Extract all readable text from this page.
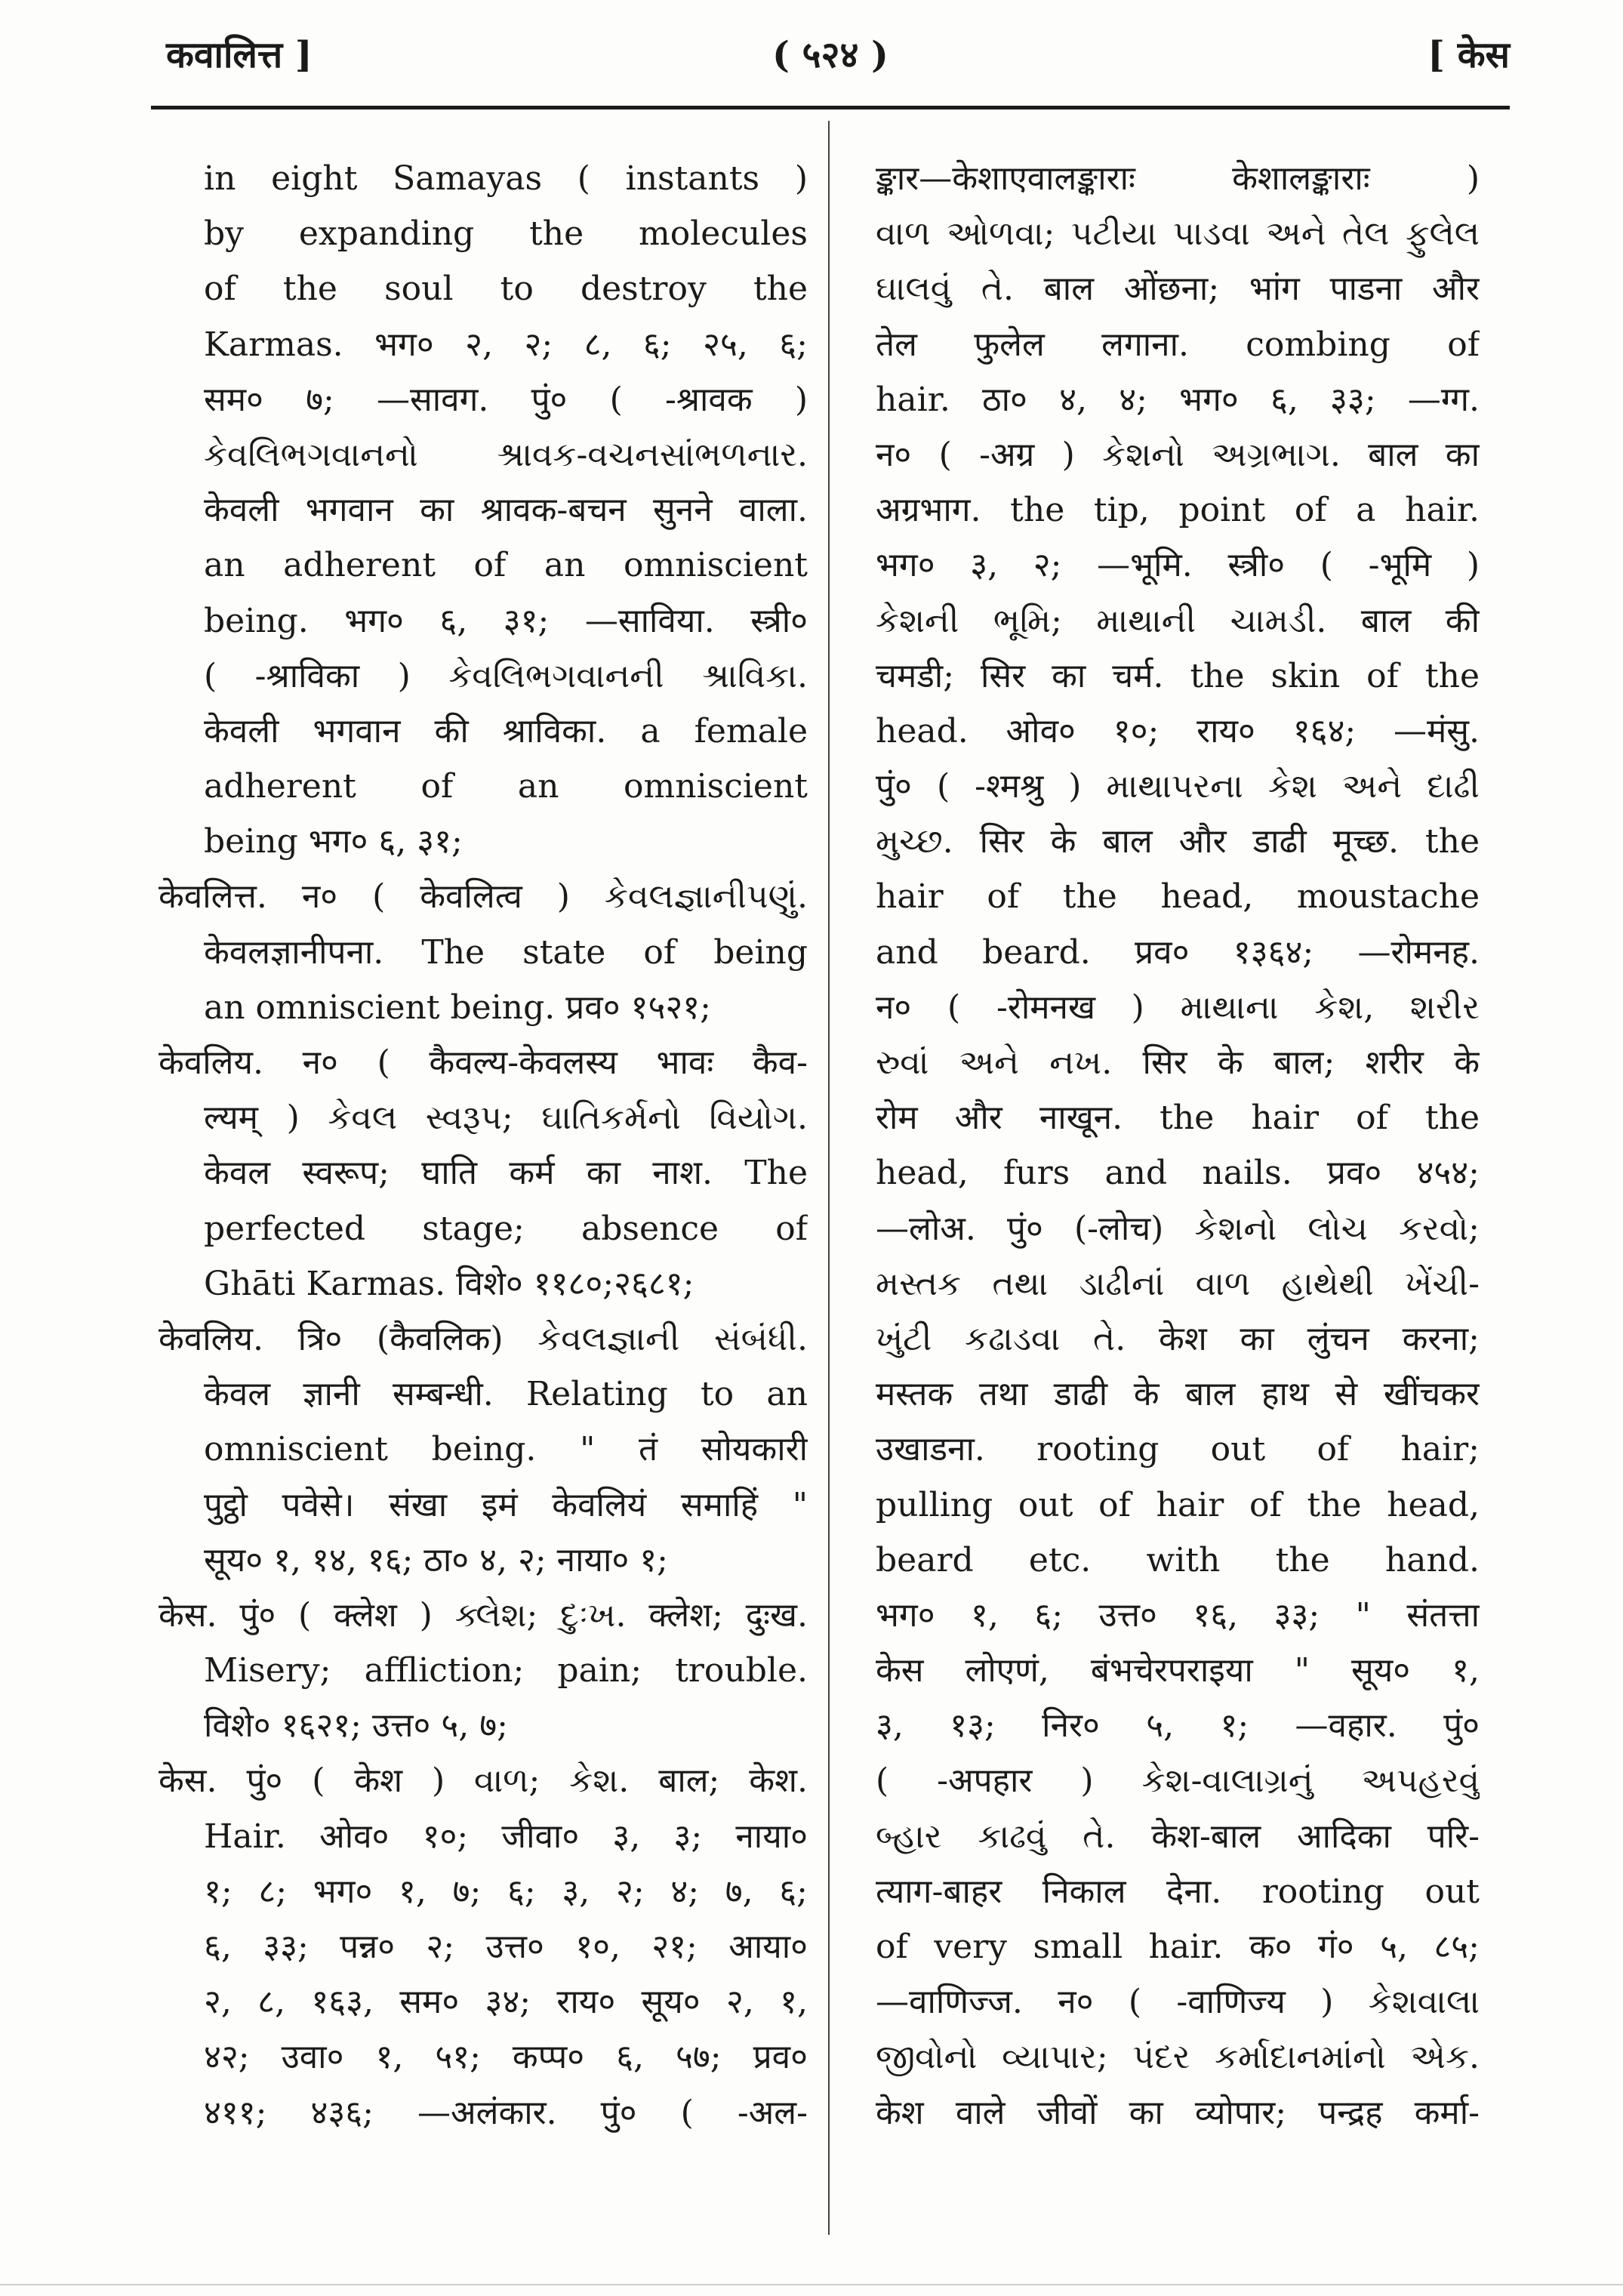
कवालित्त ]	( ५२४ )	[ केस
in eight Samayas ( instants )
by expanding the molecules
of the soul to destroy the
Karmas. भग० २, २; ८, ६; २५, ६;
सम० ७; —सावग. पुं० ( -श्रावक )
કેવલિભગવાનનો શ્રાવક-વચનસાંભળનાર.
केवली भगवान का श्रावक-बचन सुनने वाला.
an adherent of an omniscient
being. भग० ६, ३१; —साविया. स्त्री०
( -श्राविका ) કેવલિભગવાનની શ્રાવિકા.
केवली भगवान की श्राविका. a female
adherent of an omniscient
being भग० ६, ३१;
केवलित्त. न० ( केवलित्व ) કેવલજ્ઞાનીપણું.
केवलज्ञानीपना. The state of being
an omniscient being. प्रव० १५२१;
केवलिय. न० ( कैवल्य-केवलस्य भावः कैव-
ल्यम् ) કેવલ સ્વરૂપ; ઘાતિકર્મનો વિયોગ.
केवल स्वरूप; घाति कर्म का नाश. The
perfected stage; absence of
Ghāti Karmas. विशे० ११८०;२६८१;
केवलिय. त्रि० (कैवलिक) કેવલજ્ઞાની સંબંધી.
केवल ज्ञानी सम्बन्धी. Relating to an
omniscient being. " तं सोयकारी
पुट्ठो पवेसे। संखा इमं केवलियं समाहिं "
सूय० १, १४, १६; ठा० ४, २; नाया० १;
केस. पुं० ( क्लेश ) ક્લેશ; દુઃખ. क्लेश; दुःख.
Misery; affliction; pain; trouble.
विशे० १६२१; उत्त० ५, ७;
केस. पुं० ( केश ) વાળ; કેશ. बाल; केश.
Hair. ओव० १०; जीवा० ३, ३; नाया०
१; ८; भग० १, ७; ६; ३, २; ४; ७, ६;
६, ३३; पन्न० २; उत्त० १०, २१; आया०
२, ८, १६३, सम० ३४; राय० सूय० २, १,
४२; उवा० १, ५१; कप्प० ६, ५७; प्रव०
४११; ४३६; —अलंकार. पुं० ( -अल-
ङ्कार—केशाएवालङ्काराः केशालङ्काराः )
વાળ ઓળવા; પટીયા પાડવા અને તેલ ફુલેલ
ઘાલવું તે. बाल ओंछना; भांग पाडना और
तेल फुलेल लगाना. combing of
hair. ठा० ४, ४; भग० ६, ३३; —ग्ग.
न० ( -अग्र ) કેશનો અગ્રભાગ. बाल का
अग्रभाग. the tip, point of a hair.
भग० ३, २; —भूमि. स्त्री० ( -भूमि )
કેશની ભૂમિ; માથાની ચામડી. बाल की
चमडी; सिर का चर्म. the skin of the
head. ओव० १०; राय० १६४; —मंसु.
पुं० ( -श्मश्रु ) માથાપરના કેશ અને દાઢી
મુચ્છ. सिर के बाल और डाढी मूच्छ. the
hair of the head, moustache
and beard. प्रव० १३६४; —रोमनह.
न० ( -रोमनख ) માથાના કેશ, શરીર
રુવાં અને નખ. सिर के बाल; शरीर के
रोम और नाखून. the hair of the
head, furs and nails. प्रव० ४५४;
—लोअ. पुं० (-लोच) કેશનો લોચ કરવો;
મસ્તક તથા ડાઢીનાં વાળ હાથેથી ખેંચી-
ખુંટી કઢાડવા તે. केश का लुंचन करना;
मस्तक तथा डाढी के बाल हाथ से खींचकर
उखाडना. rooting out of hair;
pulling out of hair of the head,
beard etc. with the hand.
भग० १, ६; उत्त० १६, ३३; " संतत्ता
केस लोएणं, बंभचेरपराइया " सूय० १,
३, १३; निर० ५, १; —वहार. पुं०
( -अपहार ) કેશ-વાલાગ્રનું અપહરવું
બ્હાર કાઢવું તે. केश-बाल आदिका परि-
त्याग-बाहर निकाल देना. rooting out
of very small hair. क० गं० ५, ८५;
—वाणिज्ज. न० ( -वाणिज्य ) કેશવાલા
જીવોનો વ્યાપાર; પંદર કર્માદાનમાંનો એક.
केश वाले जीवों का व्योपार; पन्द्रह कर्मा-
